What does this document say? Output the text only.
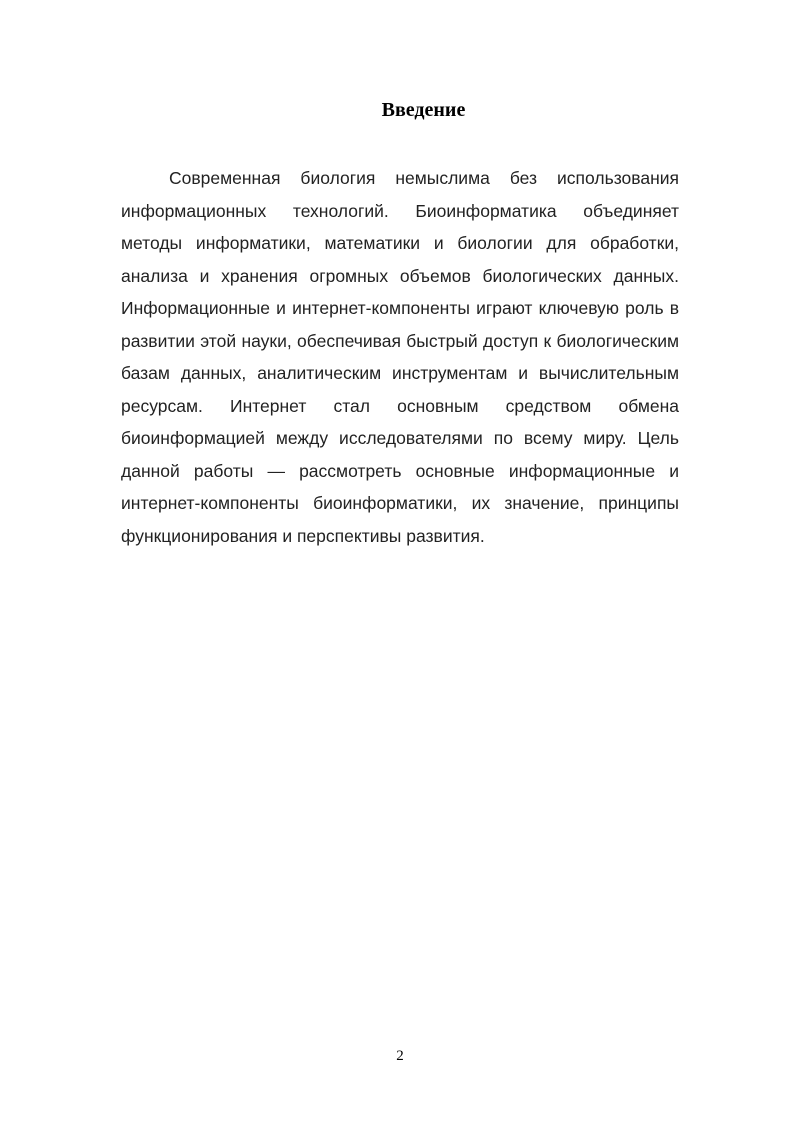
Введение

Современная биология немыслима без использования информационных технологий. Биоинформатика объединяет методы информатики, математики и биологии для обработки, анализа и хранения огромных объемов биологических данных. Информационные и интернет-компоненты играют ключевую роль в развитии этой науки, обеспечивая быстрый доступ к биологическим базам данных, аналитическим инструментам и вычислительным ресурсам. Интернет стал основным средством обмена биоинформацией между исследователями по всему миру. Цель данной работы — рассмотреть основные информационные и интернет-компоненты биоинформатики, их значение, принципы функционирования и перспективы развития.

2
